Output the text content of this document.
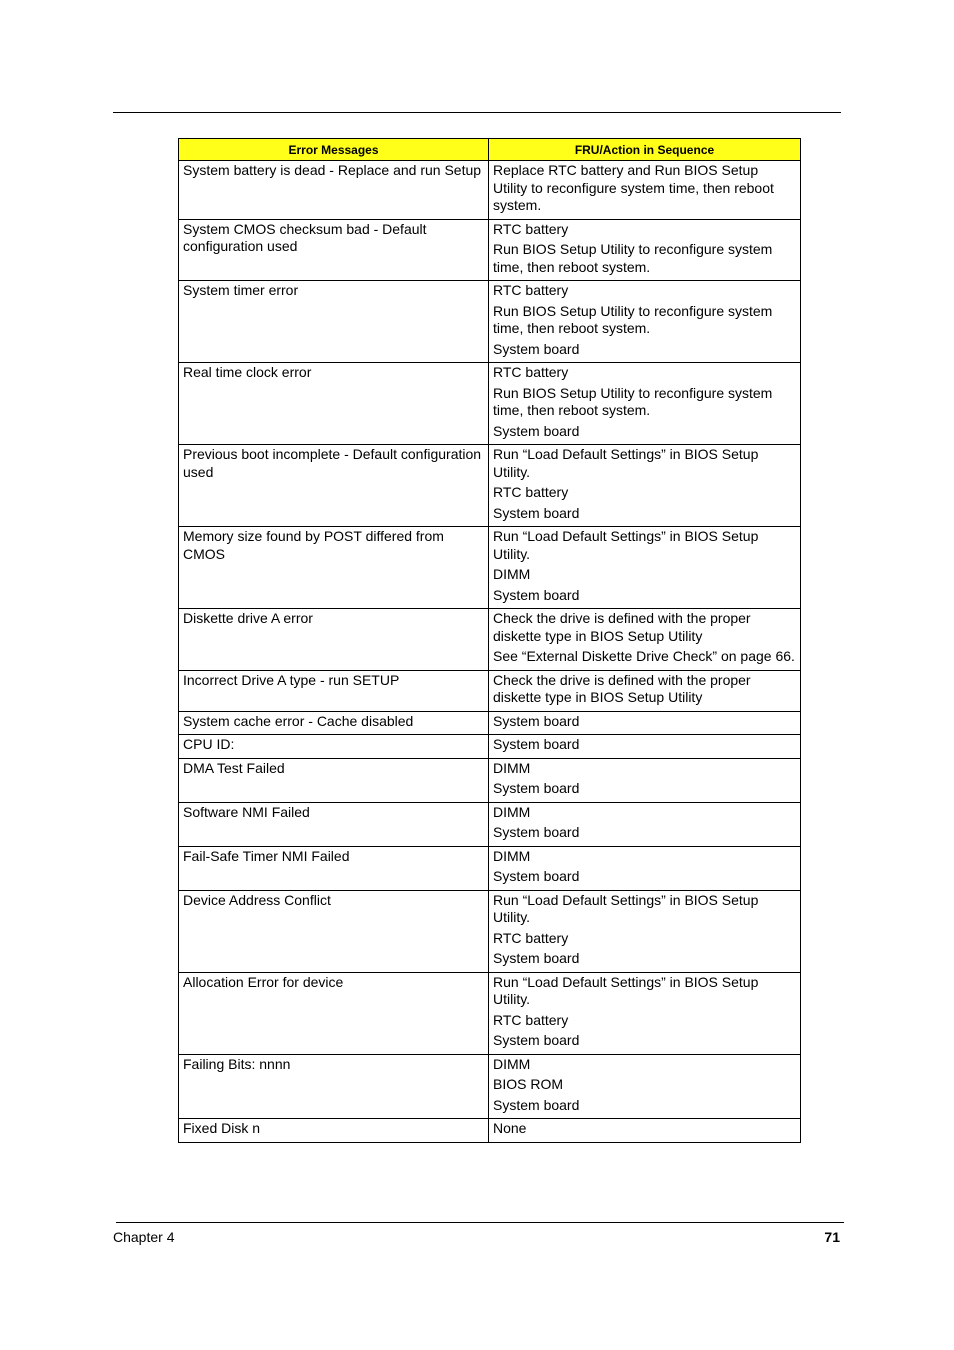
Error Messages	FRU/Action in Sequence
System battery is dead - Replace and run Setup	Replace RTC battery and Run BIOS Setup Utility to reconfigure system time, then reboot system.

System CMOS checksum bad - Default configuration used	RTC battery
Run BIOS Setup Utility to reconfigure system time, then reboot system.

System timer error	RTC battery
Run BIOS Setup Utility to reconfigure system time, then reboot system.
System board

Real time clock error	RTC battery
Run BIOS Setup Utility to reconfigure system time, then reboot system.
System board

Previous boot incomplete - Default configuration used	Run “Load Default Settings” in BIOS Setup Utility.
RTC battery
System board

Memory size found by POST differed from CMOS	Run “Load Default Settings” in BIOS Setup Utility.
DIMM
System board

Diskette drive A error	Check the drive is defined with the proper diskette type in BIOS Setup Utility
See “External Diskette Drive Check” on page 66.

Incorrect Drive A type - run SETUP	Check the drive is defined with the proper diskette type in BIOS Setup Utility

System cache error - Cache disabled	System board

CPU ID:	System board

DMA Test Failed	DIMM
System board

Software NMI Failed	DIMM
System board

Fail-Safe Timer NMI Failed	DIMM
System board

Device Address Conflict	Run “Load Default Settings” in BIOS Setup Utility.
RTC battery
System board

Allocation Error for device	Run “Load Default Settings” in BIOS Setup Utility.
RTC battery
System board

Failing Bits: nnnn	DIMM
BIOS ROM
System board

Fixed Disk n	None
Chapter 4	71
